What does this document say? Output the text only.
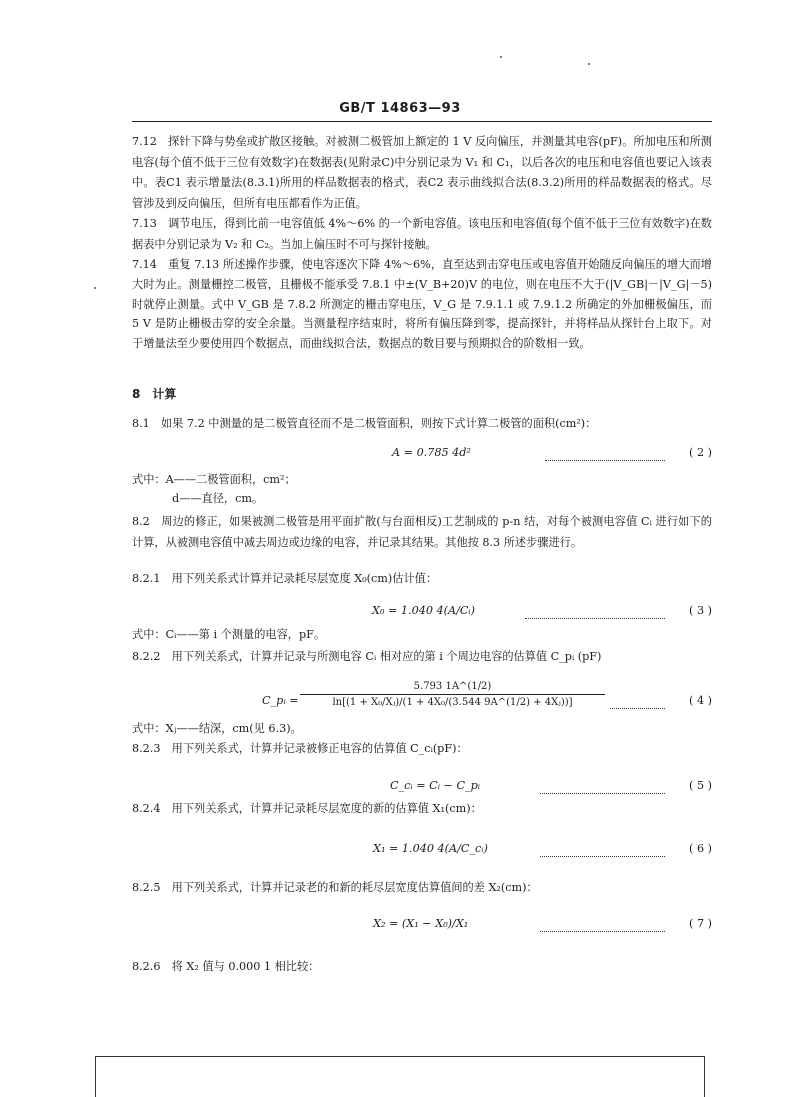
GB/T 14863—93
7.12　探针下降与势垒或扩散区接触。对被测二极管加上额定的 1 V 反向偏压，并测量其电容(pF)。所加电压和所测电容(每个值不低于三位有效数字)在数据表(见附录C)中分别记录为 V₁ 和 C₁，以后各次的电压和电容值也要记入该表中。表C1 表示增量法(8.3.1)所用的样品数据表的格式，表C2 表示曲线拟合法(8.3.2)所用的样品数据表的格式。尽管涉及到反向偏压，但所有电压都看作为正值。
7.13　调节电压，得到比前一电容值低 4%～6% 的一个新电容值。该电压和电容值(每个值不低于三位有效数字)在数据表中分别记录为 V₂ 和 C₂。当加上偏压时不可与探针接触。
7.14　重复 7.13 所述操作步骤，使电容逐次下降 4%～6%，直至达到击穿电压或电容值开始随反向偏压的增大而增大时为止。测量栅控二极管，且栅极不能承受 7.8.1 中±(V_B+20)V 的电位，则在电压不大于(|V_GB|－|V_G|－5)时就停止测量。式中 V_GB 是 7.8.2 所测定的栅击穿电压，V_G 是 7.9.1.1 或 7.9.1.2 所确定的外加栅极偏压，而 5 V 是防止栅极击穿的安全余量。当测量程序结束时，将所有偏压降到零，提高探针，并将样品从探针台上取下。对于增量法至少要使用四个数据点，而曲线拟合法，数据点的数目要与预期拟合的阶数相一致。
8　计算
8.1　如果 7.2 中测量的是二极管直径而不是二极管面积，则按下式计算二极管的面积(cm²)：
A = 0.785 4d²	( 2 )
式中：A——二极管面积，cm²；
d——直径，cm。
8.2　周边的修正，如果被测二极管是用平面扩散(与台面相反)工艺制成的 p-n 结，对每个被测电容值 Cᵢ 进行如下的计算，从被测电容值中减去周边或边缘的电容，并记录其结果。其他按 8.3 所述步骤进行。
8.2.1　用下列关系式计算并记录耗尽层宽度 X₀(cm)估计值：
X₀ = 1.040 4(A/Cᵢ)	( 3 )
式中：Cᵢ——第 i 个测量的电容，pF。
8.2.2　用下列关系式，计算并记录与所测电容 Cᵢ 相对应的第 i 个周边电容的估算值 C_pᵢ (pF)
C_pᵢ =
5.793 1A^(1/2)
ln[(1 + X₀/Xⱼ)/(1 + 4X₀/(3.544 9A^(1/2) + 4Xⱼ))]	( 4 )
式中：Xⱼ——结深，cm(见 6.3)。
8.2.3　用下列关系式，计算并记录被修正电容的估算值 C_cᵢ(pF)：
C_cᵢ = Cᵢ − C_pᵢ	( 5 )
8.2.4　用下列关系式，计算并记录耗尽层宽度的新的估算值 X₁(cm)：
X₁ = 1.040 4(A/C_cᵢ)	( 6 )
8.2.5　用下列关系式，计算并记录老的和新的耗尽层宽度估算值间的差 X₂(cm)：
X₂ = (X₁ − X₀)/X₁	( 7 )
8.2.6　将 X₂ 值与 0.000 1 相比较：
